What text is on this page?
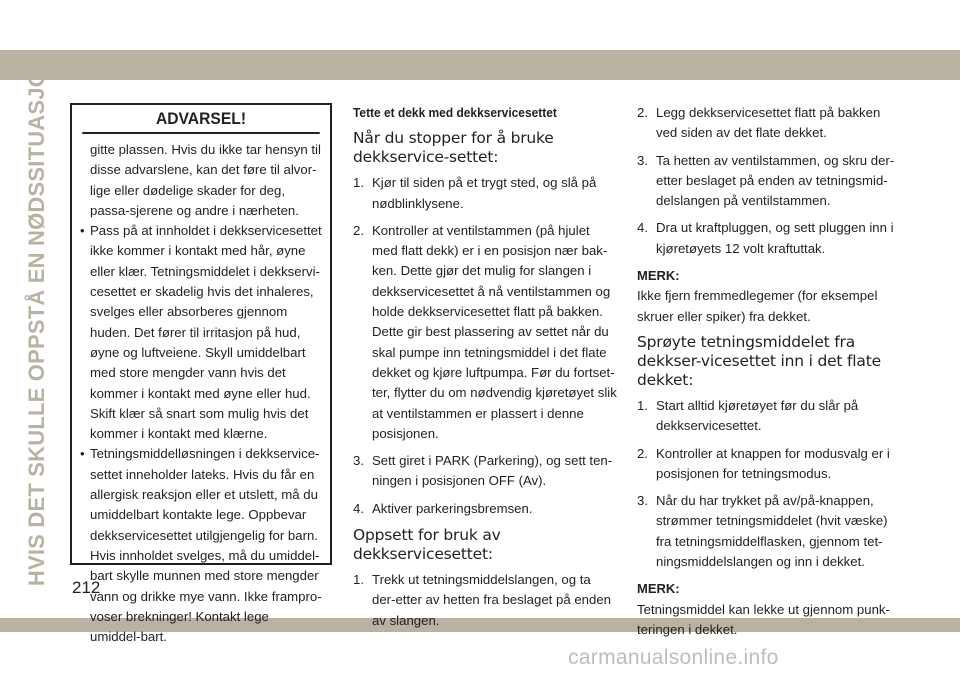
HVIS DET SKULLE OPPSTÅ EN NØDSSITUASJON
212
ADVARSEL!

gitte plassen. Hvis du ikke tar hensyn til disse advarslene, kan det føre til alvor-lige eller dødelige skader for deg, passa-sjerene og andre i nærheten.

• Pass på at innholdet i dekkservicesettet ikke kommer i kontakt med hår, øyne eller klær. Tetningsmiddelet i dekkservi-cesettet er skadelig hvis det inhaleres, svelges eller absorberes gjennom huden. Det fører til irritasjon på hud, øyne og luftveiene. Skyll umiddelbart med store mengder vann hvis det kommer i kontakt med øyne eller hud. Skift klær så snart som mulig hvis det kommer i kontakt med klærne.
• Tetningsmiddelløsningen i dekkservice-settet inneholder lateks. Hvis du får en allergisk reaksjon eller et utslett, må du umiddelbart kontakte lege. Oppbevar dekkservicesettet utilgjengelig for barn. Hvis innholdet svelges, må du umiddel-bart skylle munnen med store mengder vann og drikke mye vann. Ikke frampro-voser brekninger! Kontakt lege umiddel-bart.
Tette et dekk med dekkservicesettet
Når du stopper for å bruke dekkservice-settet:
1. Kjør til siden på et trygt sted, og slå på nødblinklysene.
2. Kontroller at ventilstammen (på hjulet med flatt dekk) er i en posisjon nær bak-ken. Dette gjør det mulig for slangen i dekkservicesettet å nå ventilstammen og holde dekkservicesettet flatt på bakken. Dette gir best plassering av settet når du skal pumpe inn tetningsmiddel i det flate dekket og kjøre luftpumpa. Før du fortset-ter, flytter du om nødvendig kjøretøyet slik at ventilstammen er plassert i denne posisjonen.
3. Sett giret i PARK (Parkering), og sett ten-ningen i posisjonen OFF (Av).
4. Aktiver parkeringsbremsen.
Oppsett for bruk av dekkservicesettet:
1. Trekk ut tetningsmiddelslangen, og ta der-etter av hetten fra beslaget på enden av slangen.
2. Legg dekkservicesettet flatt på bakken ved siden av det flate dekket.
3. Ta hetten av ventilstammen, og skru der-etter beslaget på enden av tetningsmid-delslangen på ventilstammen.
4. Dra ut kraftpluggen, og sett pluggen inn i kjøretøyets 12 volt kraftuttak.
MERK:

Ikke fjern fremmedlegemer (for eksempel skruer eller spiker) fra dekket.

Sprøyte tetningsmiddelet fra dekkser-vicesettet inn i det flate dekket:
1. Start alltid kjøretøyet før du slår på dekkservicesettet.
2. Kontroller at knappen for modusvalg er i posisjonen for tetningsmodus.
3. Når du har trykket på av/på-knappen, strømmer tetningsmiddelet (hvit væske) fra tetningsmiddelflasken, gjennom tet-ningsmiddelslangen og inn i dekket.
MERK:

Tetningsmiddel kan lekke ut gjennom punk-teringen i dekket.

carmanualsonline.info
